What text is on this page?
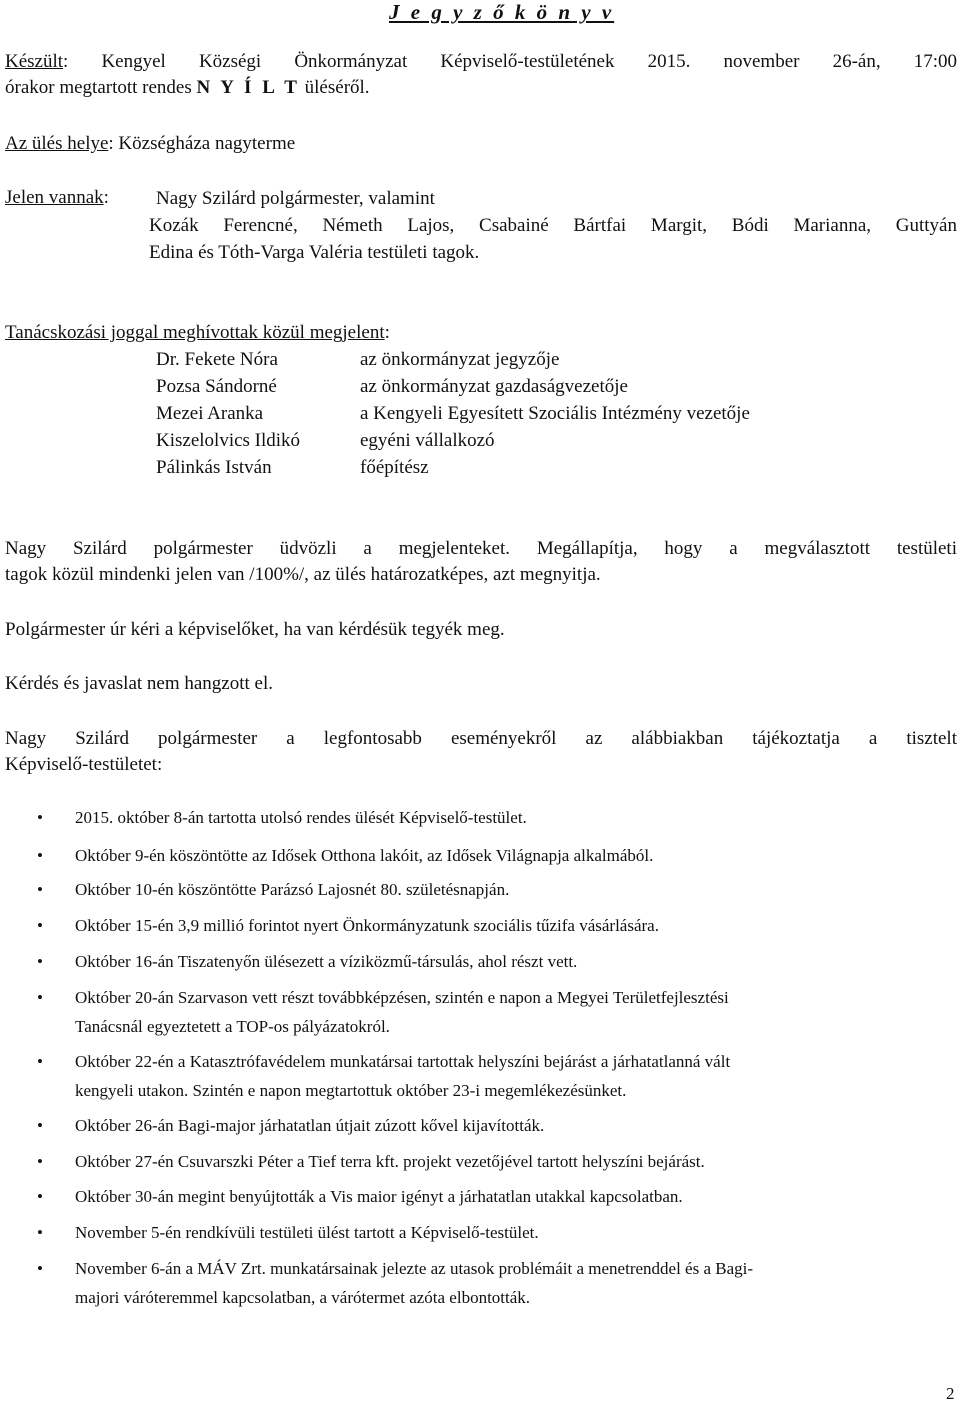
J e g y z ő k ö n y v
Készült: Kengyel Községi Önkormányzat Képviselő-testületének 2015. november 26-án, 17:00
órakor megtartott rendes N Y Í L T üléséről.
Az ülés helye: Községháza nagyterme
Jelen vannak: Nagy Szilárd polgármester, valamint
Kozák Ferencné, Németh Lajos, Csabainé Bártfai Margit, Bódi Marianna, Guttyán
Edina és Tóth-Varga Valéria testületi tagok.
Tanácskozási joggal meghívottak közül megjelent:
Dr. Fekete Nóra	az önkormányzat jegyzője
Pozsa Sándorné	az önkormányzat gazdaságvezetője
Mezei Aranka	a Kengyeli Egyesített Szociális Intézmény vezetője
Kiszelolvics Ildikó	egyéni vállalkozó
Pálinkás István	főépítész
Nagy Szilárd polgármester üdvözli a megjelenteket. Megállapítja, hogy a megválasztott testületi
tagok közül mindenki jelen van /100%/, az ülés határozatképes, azt megnyitja.
Polgármester úr kéri a képviselőket, ha van kérdésük tegyék meg.
Kérdés és javaslat nem hangzott el.
Nagy Szilárd polgármester a legfontosabb eseményekről az alábbiakban tájékoztatja a tisztelt
Képviselő-testületet:
• 2015. október 8-án tartotta utolsó rendes ülését Képviselő-testület.
• Október 9-én köszöntötte az Idősek Otthona lakóit, az Idősek Világnapja alkalmából.
• Október 10-én köszöntötte Parázsó Lajosnét 80. születésnapján.
• Október 15-én 3,9 millió forintot nyert Önkormányzatunk szociális tűzifa vásárlására.
• Október 16-án Tiszatenyőn ülésezett a víziközmű-társulás, ahol részt vett.
• Október 20-án Szarvason vett részt továbbképzésen, szintén e napon a Megyei Területfejlesztési
Tanácsnál egyeztetett a TOP-os pályázatokról.
• Október 22-én a Katasztrófavédelem munkatársai tartottak helyszíni bejárást a járhatatlanná vált
kengyeli utakon. Szintén e napon megtartottuk október 23-i megemlékezésünket.
• Október 26-án Bagi-major járhatatlan útjait zúzott kővel kijavították.
• Október 27-én Csuvarszki Péter a Tief terra kft. projekt vezetőjével tartott helyszíni bejárást.
• Október 30-án megint benyújtották a Vis maior igényt a járhatatlan utakkal kapcsolatban.
• November 5-én rendkívüli testületi ülést tartott a Képviselő-testület.
• November 6-án a MÁV Zrt. munkatársainak jelezte az utasok problémáit a menetrenddel és a Bagi-
majori váróteremmel kapcsolatban, a várótermet azóta elbontották.
2
